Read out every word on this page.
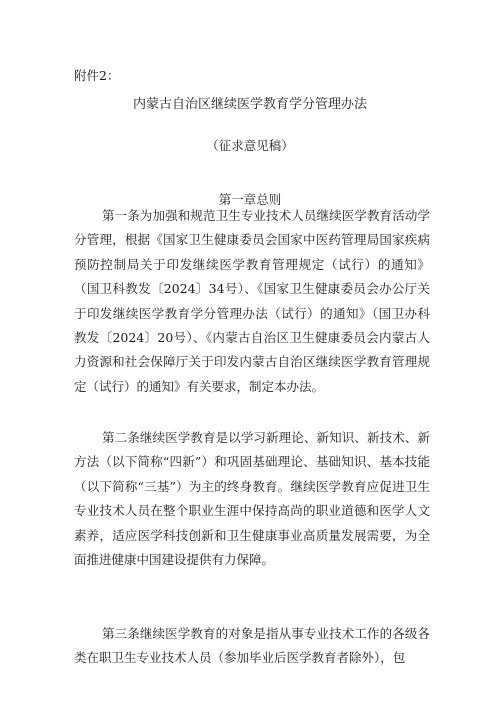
附件2：
内蒙古自治区继续医学教育学分管理办法
（征求意见稿）
第一章总则

第一条为加强和规范卫生专业技术人员继续医学教育活动学分管理，根据《国家卫生健康委员会国家中医药管理局国家疾病预防控制局关于印发继续医学教育管理规定（试行）的通知》（国卫科教发〔2024〕34号）、《国家卫生健康委员会办公厅关于印发继续医学教育学分管理办法（试行）的通知》（国卫办科教发〔2024〕20号）、《内蒙古自治区卫生健康委员会内蒙古人力资源和社会保障厅关于印发内蒙古自治区继续医学教育管理规定（试行）的通知》有关要求，制定本办法。

第二条继续医学教育是以学习新理论、新知识、新技术、新方法（以下简称“四新”）和巩固基础理论、基础知识、基本技能（以下简称“三基”）为主的终身教育。继续医学教育应促进卫生专业技术人员在整个职业生涯中保持高尚的职业道德和医学人文素养，适应医学科技创新和卫生健康事业高质量发展需要，为全面推进健康中国建设提供有力保障。

第三条继续医学教育的对象是指从事专业技术工作的各级各类在职卫生专业技术人员（参加毕业后医学教育者除外），包
